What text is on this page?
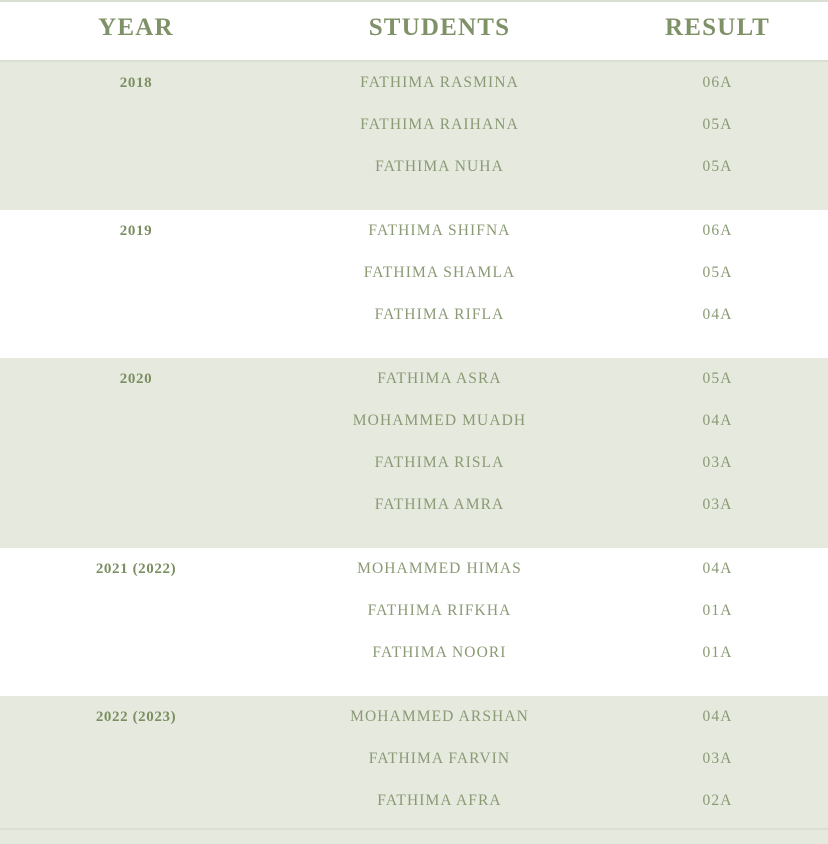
YEAR	STUDENTS	RESULT
2018	FATHIMA RASMINA	06A
	FATHIMA RAIHANA	05A
	FATHIMA NUHA	05A

2019	FATHIMA SHIFNA	06A
	FATHIMA SHAMLA	05A
	FATHIMA RIFLA	04A

2020	FATHIMA ASRA	05A
	MOHAMMED MUADH	04A
	FATHIMA RISLA	03A
	FATHIMA AMRA	03A

2021 (2022)	MOHAMMED HIMAS	04A
	FATHIMA RIFKHA	01A
	FATHIMA NOORI	01A

2022 (2023)	MOHAMMED ARSHAN	04A
	FATHIMA FARVIN	03A
	FATHIMA AFRA	02A
